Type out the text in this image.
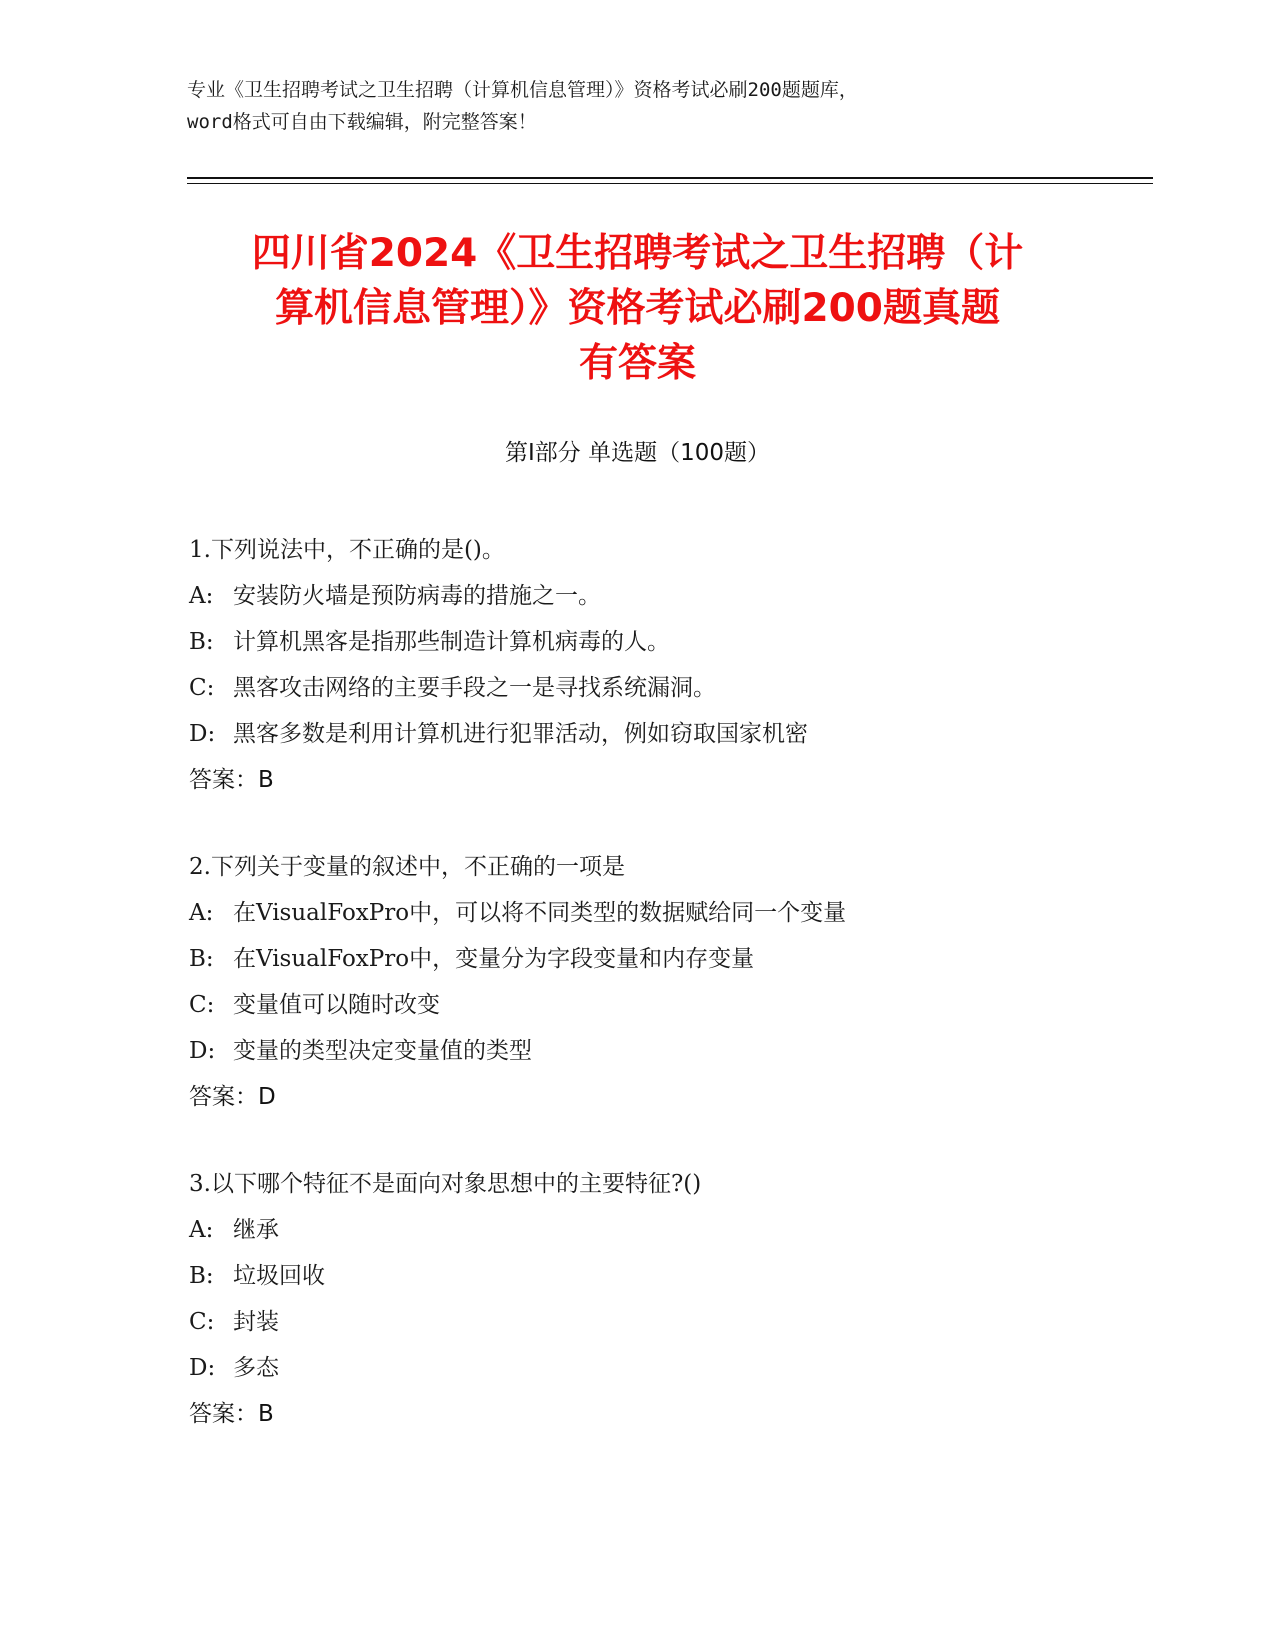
专业《卫生招聘考试之卫生招聘（计算机信息管理）》资格考试必刷200题题库，
word格式可自由下载编辑，附完整答案！
四川省2024《卫生招聘考试之卫生招聘（计
算机信息管理）》资格考试必刷200题真题
有答案
第Ⅰ部分 单选题（100题）
1.下列说法中，不正确的是()。
A: 安装防火墙是预防病毒的措施之一。
B: 计算机黑客是指那些制造计算机病毒的人。
C: 黑客攻击网络的主要手段之一是寻找系统漏洞。
D: 黑客多数是利用计算机进行犯罪活动，例如窃取国家机密
答案：B
2.下列关于变量的叙述中，不正确的一项是
A: 在VisualFoxPro中，可以将不同类型的数据赋给同一个变量
B: 在VisualFoxPro中，变量分为字段变量和内存变量
C: 变量值可以随时改变
D: 变量的类型决定变量值的类型
答案：D
3.以下哪个特征不是面向对象思想中的主要特征?()
A: 继承
B: 垃圾回收
C: 封装
D: 多态
答案：B
